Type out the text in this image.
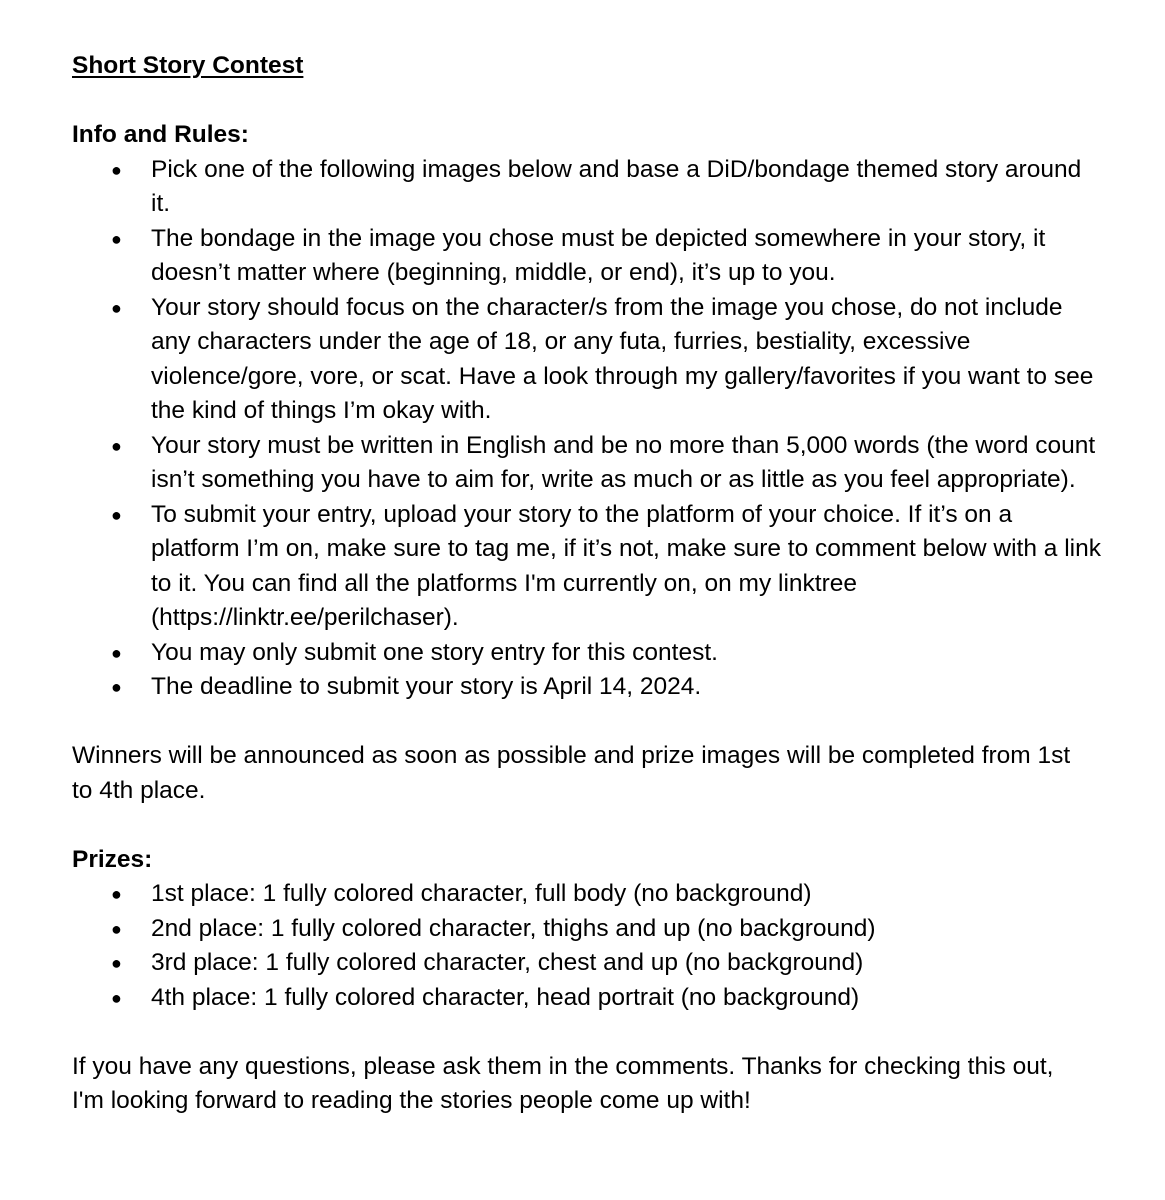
Short Story Contest

Info and Rules:

● Pick one of the following images below and base a DiD/bondage themed story around it.
● The bondage in the image you chose must be depicted somewhere in your story, it doesn’t matter where (beginning, middle, or end), it’s up to you.
● Your story should focus on the character/s from the image you chose, do not include any characters under the age of 18, or any futa, furries, bestiality, excessive violence/gore, vore, or scat. Have a look through my gallery/favorites if you want to see the kind of things I’m okay with.
● Your story must be written in English and be no more than 5,000 words (the word count isn’t something you have to aim for, write as much or as little as you feel appropriate).
● To submit your entry, upload your story to the platform of your choice. If it’s on a platform I’m on, make sure to tag me, if it’s not, make sure to comment below with a link to it. You can find all the platforms I'm currently on, on my linktree (https://linktr.ee/perilchaser).
● You may only submit one story entry for this contest.
● The deadline to submit your story is April 14, 2024.

Winners will be announced as soon as possible and prize images will be completed from 1st to 4th place.

Prizes:

● 1st place: 1 fully colored character, full body (no background)
● 2nd place: 1 fully colored character, thighs and up (no background)
● 3rd place: 1 fully colored character, chest and up (no background)
● 4th place: 1 fully colored character, head portrait (no background)

If you have any questions, please ask them in the comments. Thanks for checking this out, I'm looking forward to reading the stories people come up with!
